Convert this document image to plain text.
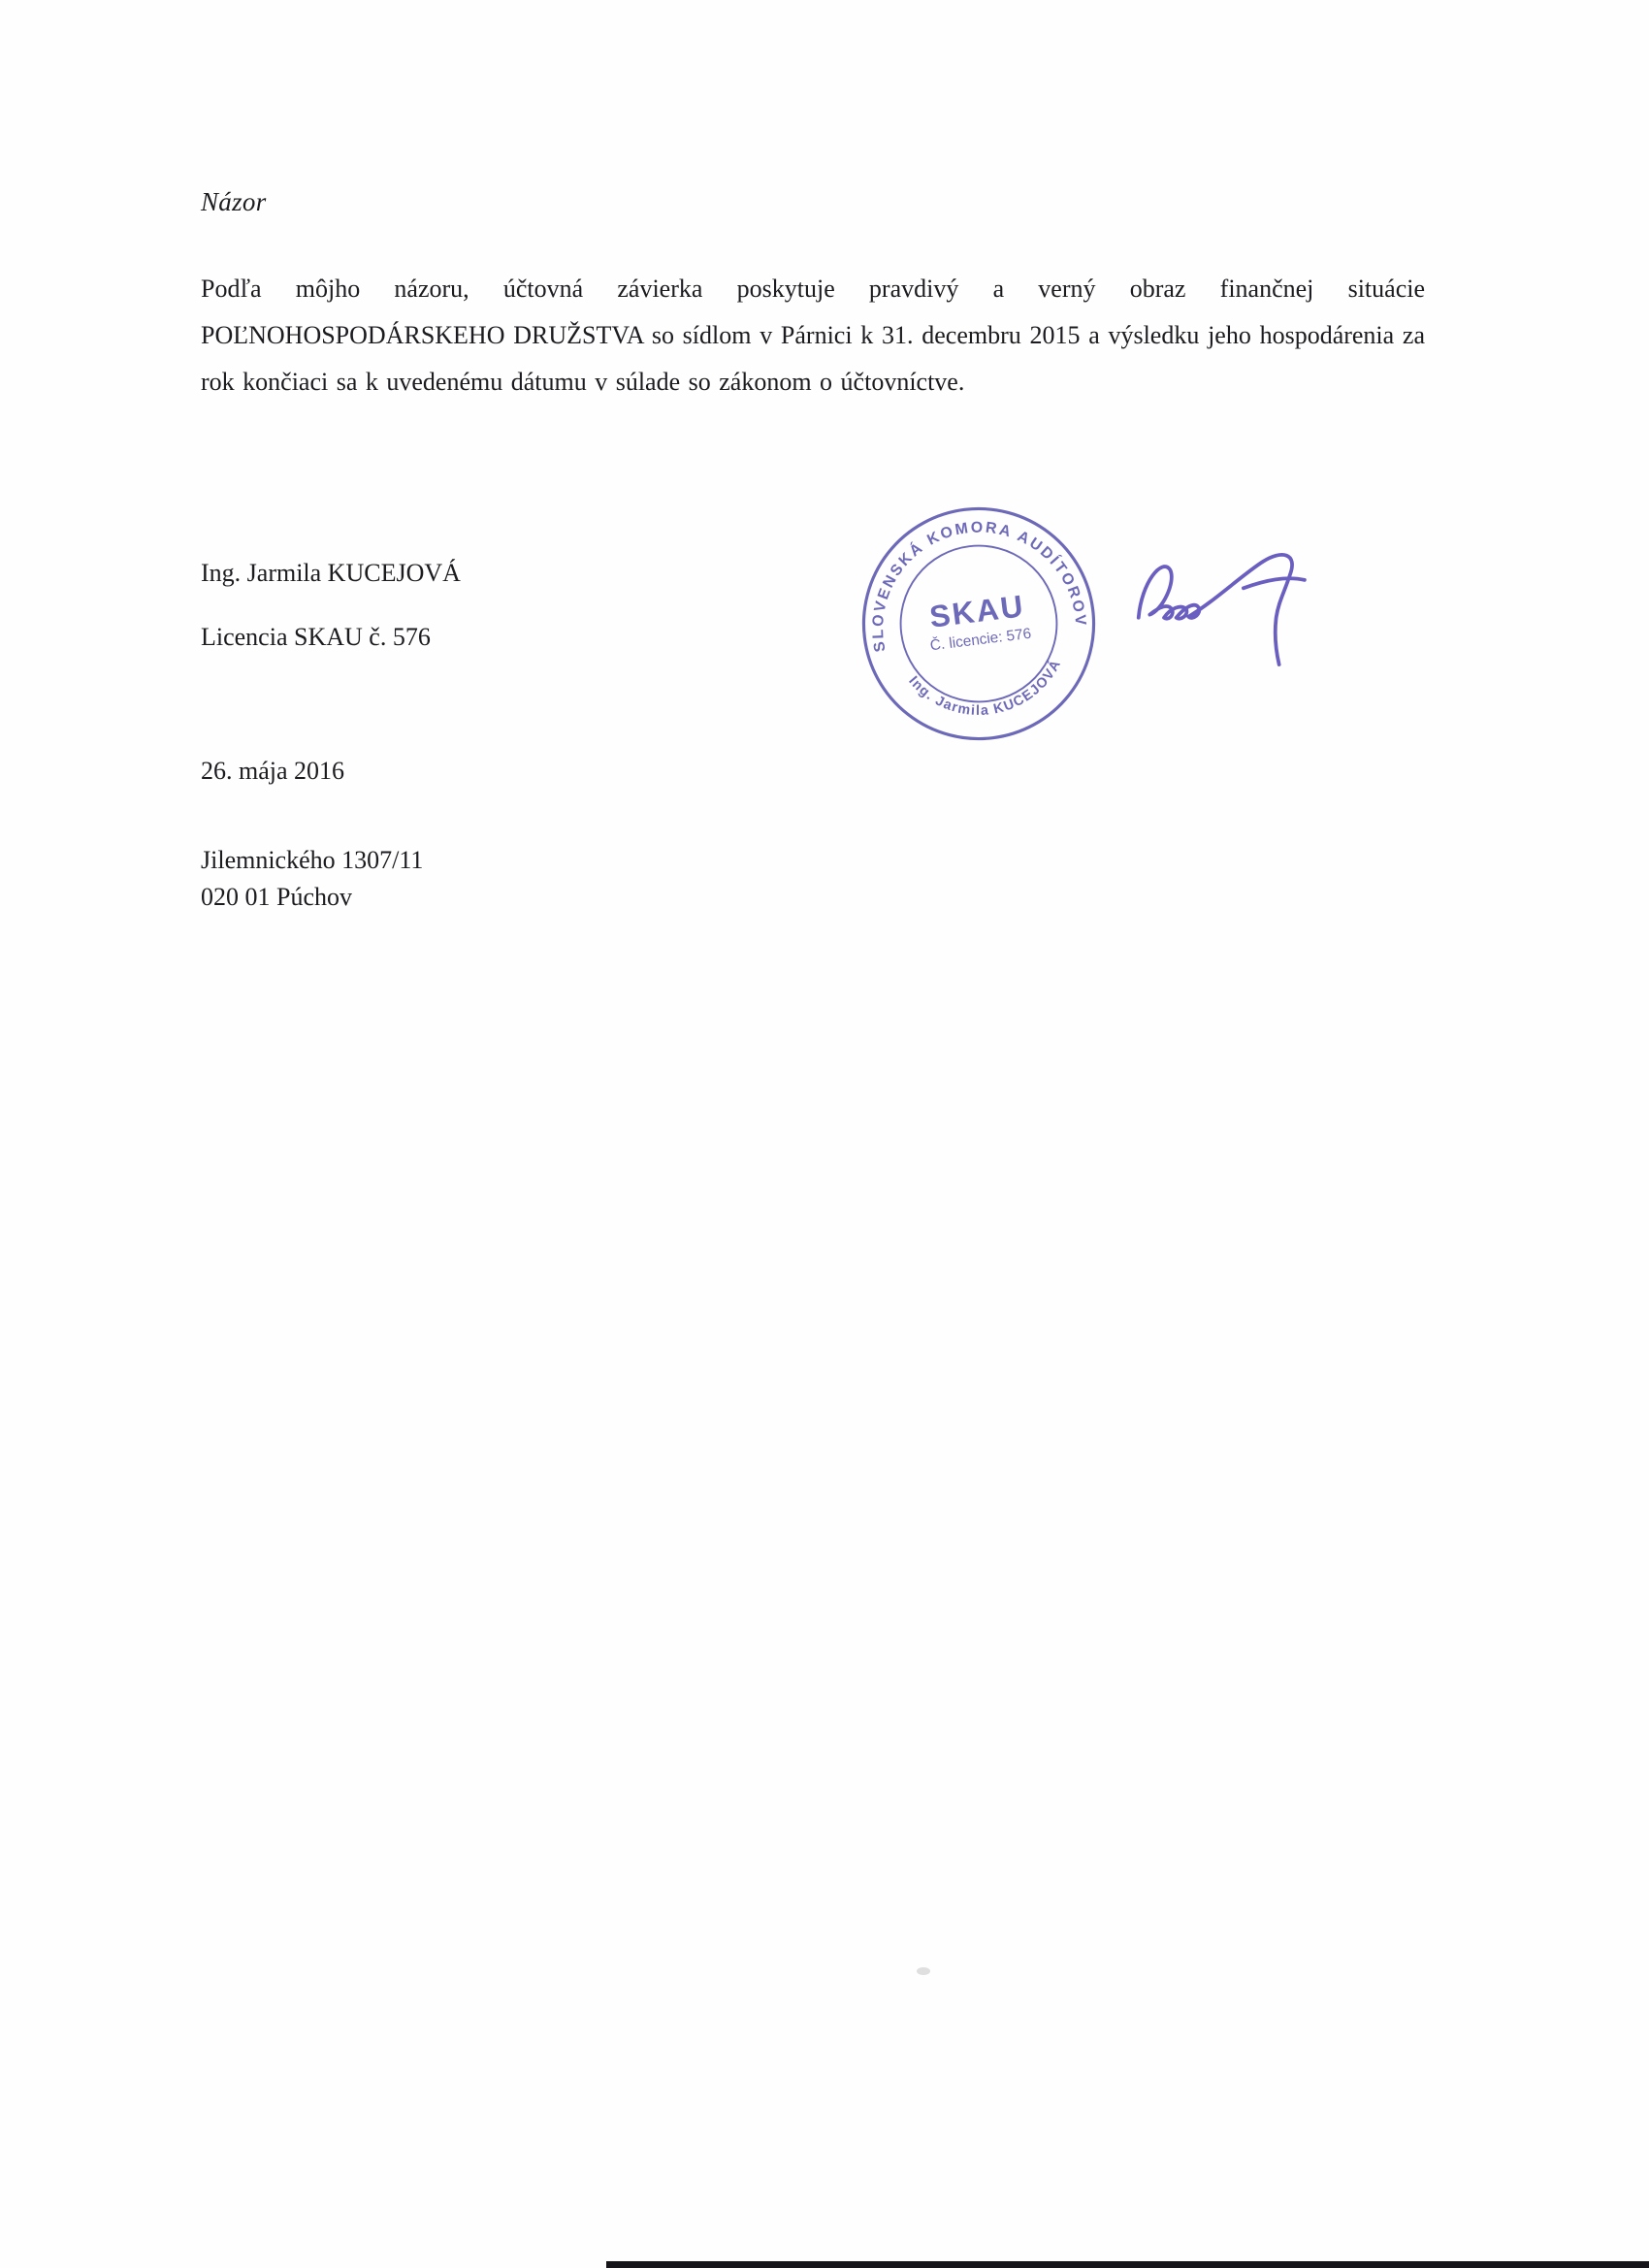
Názor

Podľa môjho názoru, účtovná závierka poskytuje pravdivý a verný obraz finančnej situácie POĽNOHOSPODÁRSKEHO DRUŽSTVA so sídlom v Párnici k 31. decembru 2015 a výsledku jeho hospodárenia za rok končiaci sa k uvedenému dátumu v súlade so zákonom o účtovníctve.

Ing. Jarmila KUCEJOVÁ

Licencia SKAU č. 576

26. mája 2016

Jilemnického 1307/11

020 01 Púchov

SLOVENSKÁ KOMORA AUDÍTOROV
SKAU
Č. licencie: 576
Ing. Jarmila KUCEJOVÁ
